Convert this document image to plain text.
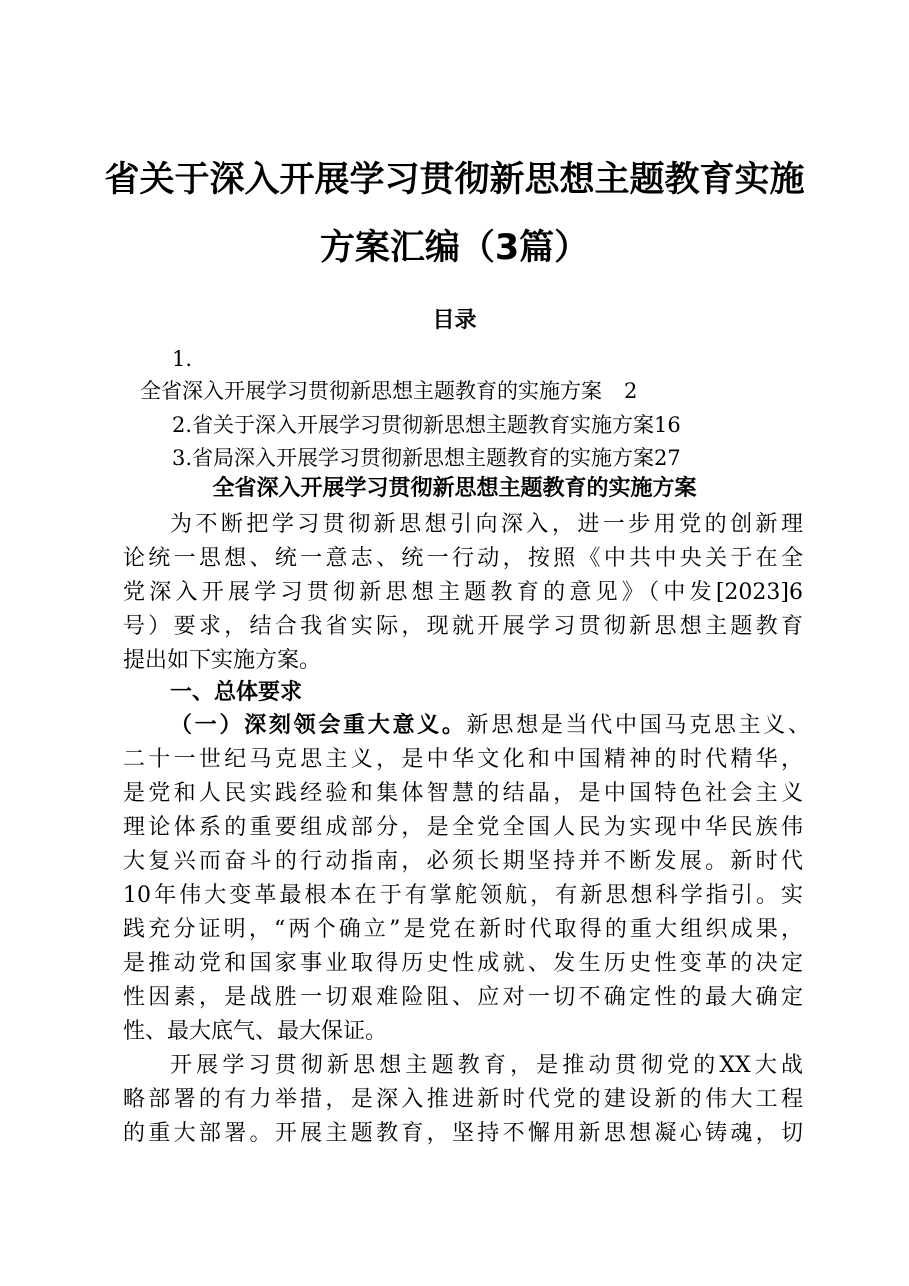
省关于深入开展学习贯彻新思想主题教育实施
方案汇编（3篇）
目录
1.
全省深入开展学习贯彻新思想主题教育的实施方案 2
2.省关于深入开展学习贯彻新思想主题教育实施方案16
3.省局深入开展学习贯彻新思想主题教育的实施方案27
全省深入开展学习贯彻新思想主题教育的实施方案
为不断把学习贯彻新思想引向深入，进一步用党的创新理
论统一思想、统一意志、统一行动，按照《中共中央关于在全
党深入开展学习贯彻新思想主题教育的意见》（中发[2023]6
号）要求，结合我省实际，现就开展学习贯彻新思想主题教育
提出如下实施方案。
一、总体要求
（一）深刻领会重大意义。新思想是当代中国马克思主义、
二十一世纪马克思主义，是中华文化和中国精神的时代精华，
是党和人民实践经验和集体智慧的结晶，是中国特色社会主义
理论体系的重要组成部分，是全党全国人民为实现中华民族伟
大复兴而奋斗的行动指南，必须长期坚持并不断发展。新时代
10年伟大变革最根本在于有掌舵领航，有新思想科学指引。实
践充分证明，“两个确立”是党在新时代取得的重大组织成果，
是推动党和国家事业取得历史性成就、发生历史性变革的决定
性因素，是战胜一切艰难险阻、应对一切不确定性的最大确定
性、最大底气、最大保证。
开展学习贯彻新思想主题教育，是推动贯彻党的XX大战
略部署的有力举措，是深入推进新时代党的建设新的伟大工程
的重大部署。开展主题教育，坚持不懈用新思想凝心铸魂，切
